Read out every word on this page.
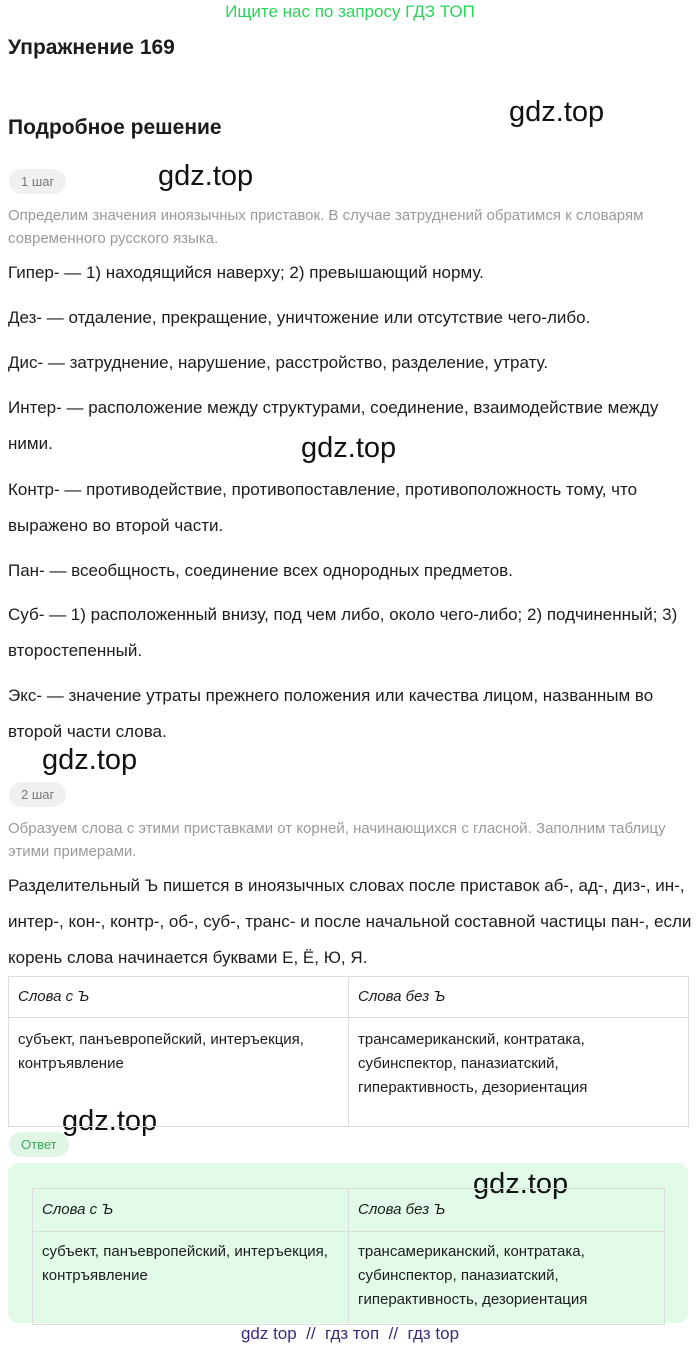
Ищите нас по запросу ГДЗ ТОП
Упражнение 169
Подробное решение	gdz.top
gdz.top
gdz.top
gdz.top
gdz.top
1 шаг
Определим значения иноязычных приставок. В случае затруднений обратимся к словарям современного русского языка.
Гипер- — 1) находящийся наверху; 2) превышающий норму.
Дез- — отдаление, прекращение, уничтожение или отсутствие чего-либо.
Дис- — затруднение, нарушение, расстройство, разделение, утрату.
Интер- — расположение между структурами, соединение, взаимодействие между ними.
Контр- — противодействие, противопоставление, противоположность тому, что выражено во второй части.
Пан- — всеобщность, соединение всех однородных предметов.
Суб- — 1) расположенный внизу, под чем либо, около чего-либо; 2) подчиненный; 3) второстепенный.
Экс- — значение утраты прежнего положения или качества лицом, названным во второй части слова.
2 шаг
Образуем слова с этими приставками от корней, начинающихся с гласной. Заполним таблицу этими примерами.
Разделительный Ъ пишется в иноязычных словах после приставок аб-, ад-, диз-, ин-, интер-, кон-, контр-, об-, суб-, транс- и после начальной составной частицы пан-, если корень слова начинается буквами Е, Ё, Ю, Я.
Слова с Ъ	Слова без Ъ
субъект, панъевропейский, интеръекция, контръявление	трансамериканский, контратака, субинспектор, паназиатский, гиперактивность, дезориентация
Ответ
gdz.top
Слова с Ъ	Слова без Ъ
субъект, панъевропейский, интеръекция, контръявление	трансамериканский, контратака, субинспектор, паназиатский, гиперактивность, дезориентация
gdz top  //  гдз топ  //  гдз top
